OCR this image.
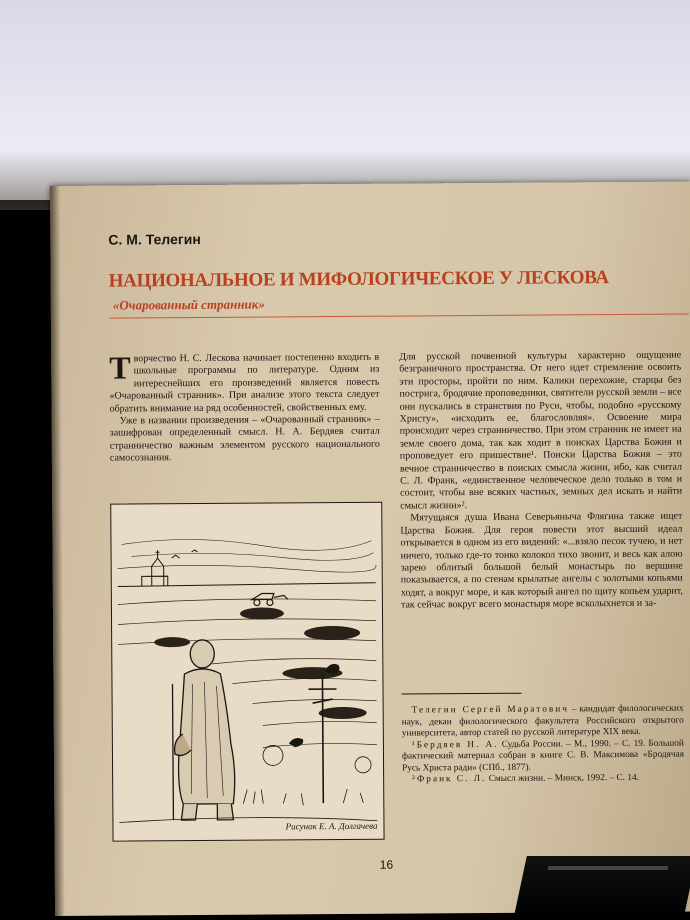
С. М. Телегин
НАЦИОНАЛЬНОЕ И МИФОЛОГИЧЕСКОЕ У ЛЕСКОВА
«Очарованный странник»

Творчество Н. С. Лескова начинает постепенно входить в школьные программы по литературе. Одним из интереснейших его произведений является повесть «Очарованный странник». При анализе этого текста следует обратить внимание на ряд особенностей, свойственных ему.

Уже в названии произведения – «Очарованный странник» – зашифрован определенный смысл. Н. А. Бердяев считал странничество важным элементом русского национального самосознания.

Рисунок Е. А. Долгачева

Для русской почвенной культуры характерно ощущение безграничного пространства. От него идет стремление освоить эти просторы, пройти по ним. Калики перехожие, старцы без пострига, бродячие проповедники, святители русской земли – все они пускались в странствия по Руси, чтобы, подобно «русскому Христу», «исходить ее, благословляя». Освоение мира происходит через странничество. При этом странник не имеет на земле своего дома, так как ходит в поисках Царства Божия и проповедует его пришествие¹. Поиски Царства Божия – это вечное странничество в поисках смысла жизни, ибо, как считал С. Л. Франк, «единственное человеческое дело только в том и состоит, чтобы вне всяких частных, земных дел искать и найти смысл жизни»².

Мятущаяся душа Ивана Северьяныча Флягина также ищет Царства Божия. Для героя повести этот высший идеал открывается в одном из его видений: «...взяло песок тучею, и нет ничего, только где-то тонко колокол тихо звонит, и весь как алою зарею облитый большой белый монастырь по вершине показывается, а по стенам крылатые ангелы с золотыми копьями ходят, а вокруг море, и как который ангел по щиту копьем ударит, так сейчас вокруг всего монастыря море всколыхнется и за-

Телегин Сергей Маратович – кандидат филологических наук, декан филологического факультета Российского открытого университета, автор статей по русской литературе XIX века.

¹Бердяев Н. А. Судьба России. – М., 1990. – С. 19. Большой фактический материал собран в книге С. В. Максимова «Бродячая Русь Христа ради» (СПб., 1877).

²Франк С. Л. Смысл жизни. – Минск, 1992. – С. 14.

16
